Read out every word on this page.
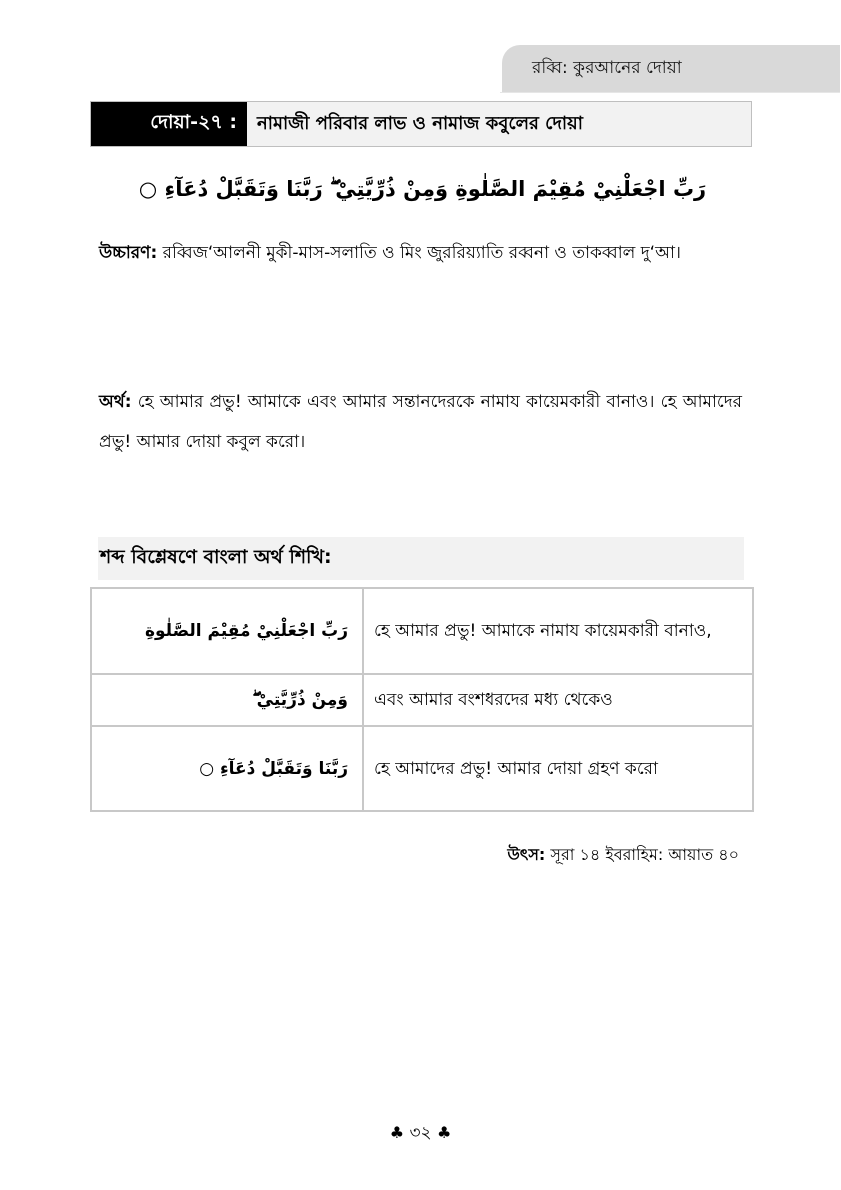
রব্বি: কুরআনের দোয়া
দোয়া-২৭ :	নামাজী পরিবার লাভ ও নামাজ কবুলের দোয়া
رَبِّ اجْعَلْنِيْ مُقِيْمَ الصَّلٰوةِ وَمِنْ ذُرِّيَّتِيْ ۖ رَبَّنَا وَتَقَبَّلْ دُعَآءِ ○
উচ্চারণ: রব্বিজ‘আলনী মুকী-মাস-সলাতি ও মিং জুররিয়্যাতি রব্বনা ও তাকব্বাল দু‘আ।
অর্থ: হে আমার প্রভু! আমাকে এবং আমার সন্তানদেরকে নামায কায়েমকারী বানাও। হে আমাদের প্রভু! আমার দোয়া কবুল করো।
শব্দ বিশ্লেষণে বাংলা অর্থ শিখি:
رَبِّ اجْعَلْنِيْ مُقِيْمَ الصَّلٰوةِ	হে আমার প্রভু! আমাকে নামায কায়েমকারী বানাও,
وَمِنْ ذُرِّيَّتِيْ ۖ	এবং আমার বংশধরদের মধ্য থেকেও
رَبَّنَا وَتَقَبَّلْ دُعَآءِ ○	হে আমাদের প্রভু! আমার দোয়া গ্রহণ করো
উৎস: সূরা ১৪ ইবরাহিম: আয়াত ৪০
♣ ৩২ ♣
